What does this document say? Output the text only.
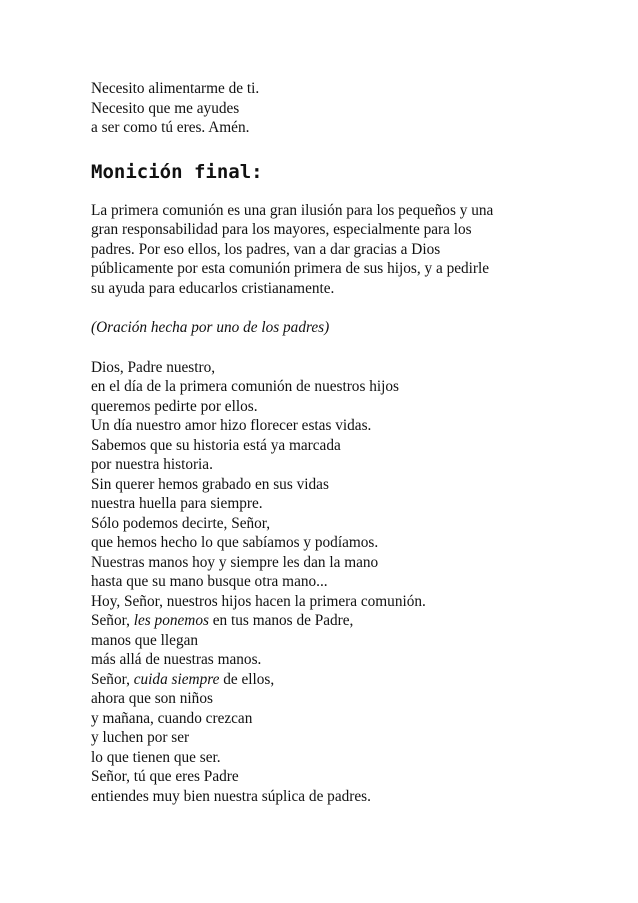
Necesito alimentarme de ti.
Necesito que me ayudes
a ser como tú eres. Amén.
Monición final:
La primera comunión es una gran ilusión para los pequeños y una
gran responsabilidad para los mayores, especialmente para los
padres. Por eso ellos, los padres, van a dar gracias a Dios
públicamente por esta comunión primera de sus hijos, y a pedirle
su ayuda para educarlos cristianamente.
(Oración hecha por uno de los padres)
Dios, Padre nuestro,
en el día de la primera comunión de nuestros hijos
queremos pedirte por ellos.
Un día nuestro amor hizo florecer estas vidas.
Sabemos que su historia está ya marcada
por nuestra historia.
Sin querer hemos grabado en sus vidas
nuestra huella para siempre.
Sólo podemos decirte, Señor,
que hemos hecho lo que sabíamos y podíamos.
Nuestras manos hoy y siempre les dan la mano
hasta que su mano busque otra mano...
Hoy, Señor, nuestros hijos hacen la primera comunión.
Señor, les ponemos en tus manos de Padre,
manos que llegan
más allá de nuestras manos.
Señor, cuida siempre de ellos,
ahora que son niños
y mañana, cuando crezcan
y luchen por ser
lo que tienen que ser.
Señor, tú que eres Padre
entiendes muy bien nuestra súplica de padres.
